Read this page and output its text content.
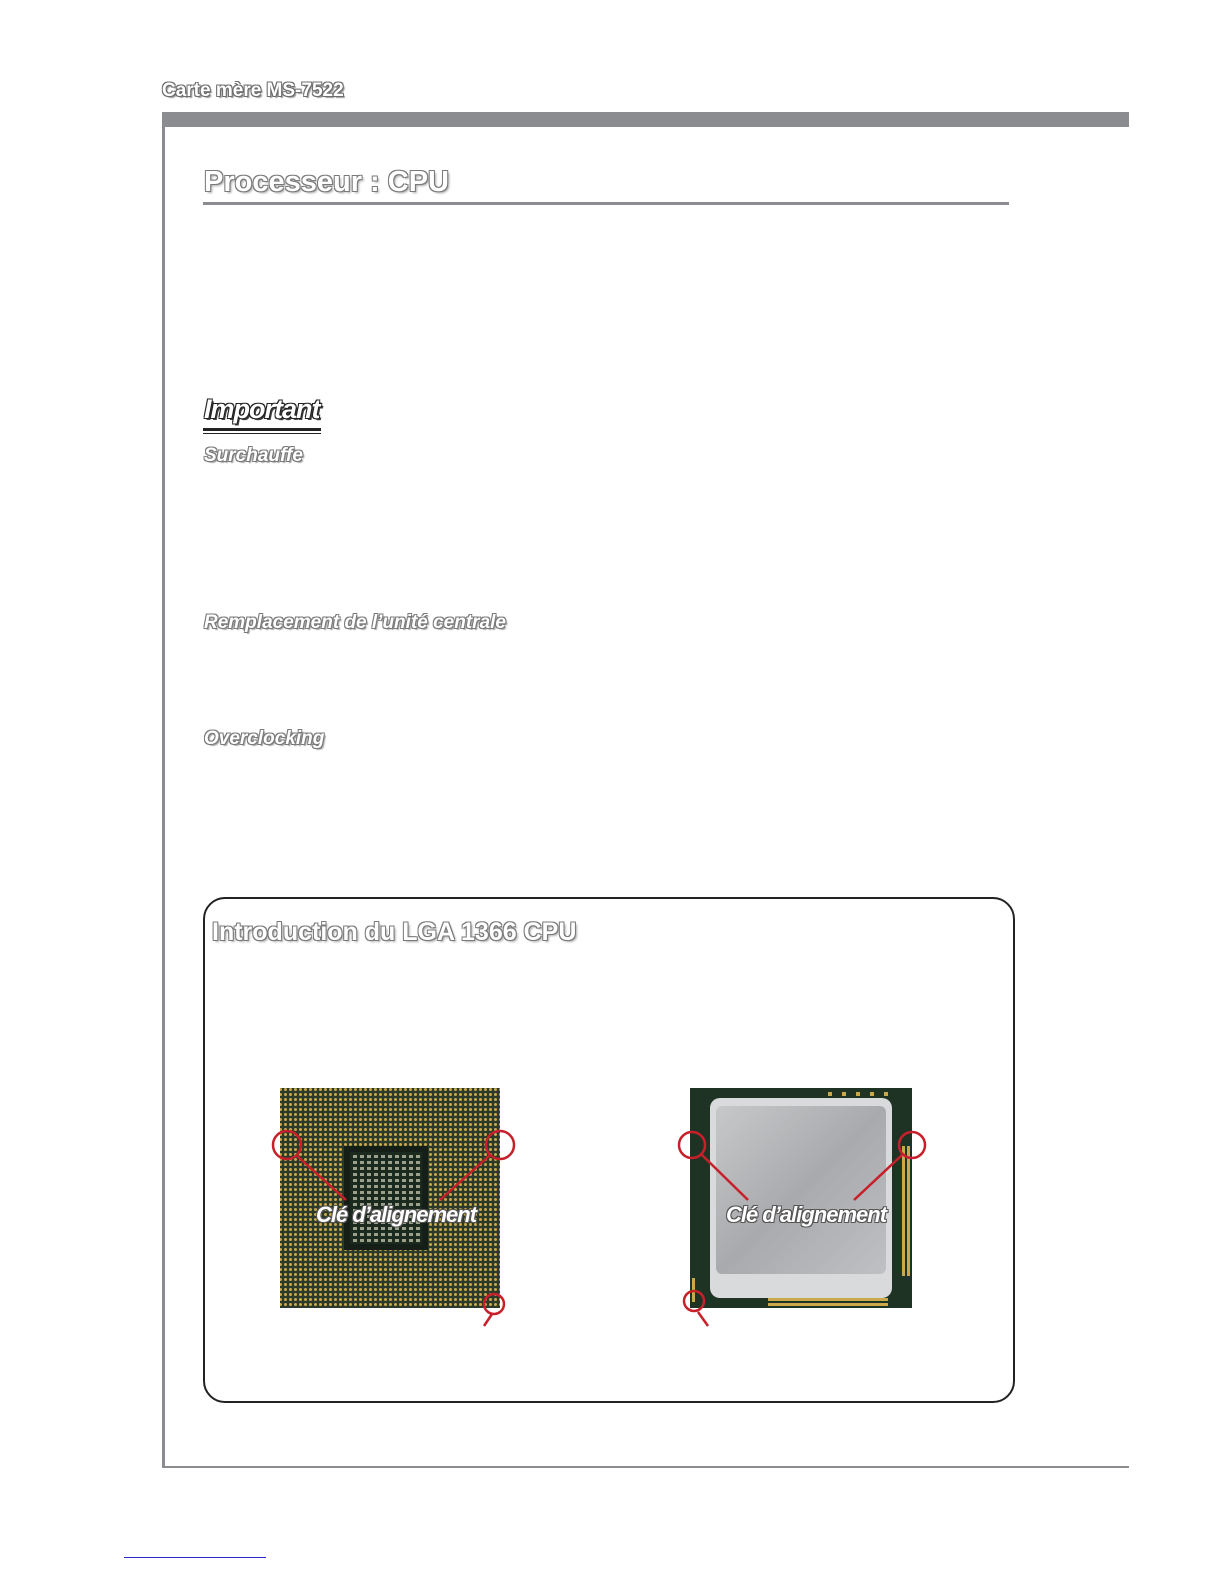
Carte mère MS-7522
Processeur : CPU
Important
Surchauffe
Remplacement de l’unité centrale
Overclocking
Introduction du LGA 1366 CPU
Clé d’alignement	Clé d’alignement
